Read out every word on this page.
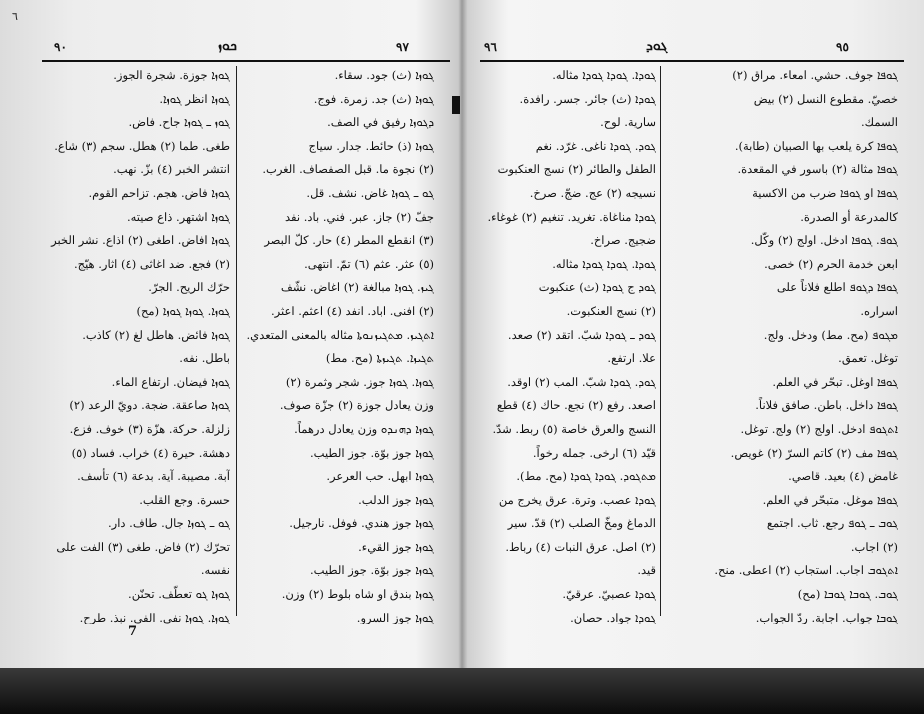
٦
٩٠	ܟܘܙ	٩٧
ܓܘܙܐ (ث) جود. سقاء.
ܓܘܙܐ (ث) جد. زمرة. فوج.
ܕܓܘܙܐ رفيق في الصف.
ܓܘܙܐ (ذ) حائط. جدار. سياج
(٢) نجوة ما. قبل الصفصاف. الغرب.
ܓܘ ـ ܓܘܙܐ غاض. نشف. قل.
جفّ (٢) جاز. عبر. فني. باد. نفد
(٣) انقطع المطر (٤) حار. كلّ البصر
(٥) عثر. عثم (٦) تمّ. انتهى.
ܓܝܙ. ܓܘܙܐ مبالغة (٢) اغاض. نشّف
(٢) افنى. اباد. انفد (٤) اعثم. اعثر.
ܐܬܓܝܙ. ܡܬܓܝܙܢܘܬܐ مثاله بالمعنى المتعدي.
ܬܓܝܙܐ. ܬܓܝܙܬܐ (مح. مط)
ܓܘܙܐ. ܓܘܙܐ جوز. شجر وثمرة (٢)
وزن يعادل جوزة (٢) جزّة صوف.
ܓܘܙܐ ܕܗܢܕܘ وزن يعادل درهماً.
ܓܘܙܐ جوز بوّة. جوز الطيب.
ܓܘܙܐ ابهل. حب العرعر.
ܓܘܙܐ جوز الدلب.
ܓܘܙܐ جوز هندي. فوفل. نارجيل.
ܓܘܙܐ جوز القيء.
ܓܘܙܐ جوز بوّة. جوز الطيب.
ܓܘܙܐ بندق او شاه بلوط (٢) وزن.
ܓܘܙܐ جوز السرو.
ܓܘܙܐ جوزة. شجرة الجوز.
ܓܘܙܐ انظر ܓܘܙܐ.
ܓܘܙ ـ ܓܘܙܐ جاح. فاض.
طغى. طما (٢) هطل. سجم (٣) شاع.
انتشر الخبر (٤) بزّ. نهب.
ܓܘܙܐ فاض. هجم. تزاحم القوم.
ܓܘܙܐ اشتهر. ذاع صيته.
ܓܘܙܐ افاض. اطغى (٢) اذاع. نشر الخبر
(٢) فجع. ضد اغاثى (٤) اثار. هيّج.
حرّك الريح. الجرّ.
ܓܘܙܐ. ܓܘܙܐ ܓܘܙܐ (مح)
ܓܘܙܐ فائض. هاطل لغ (٢) كاذب.
باطل. نفه.
ܓܘܙܐ فيضان. ارتفاع الماء.
ܓܘܙܐ صاعقة. ضجة. دويّ الرعد (٢)
زلزلة. حركة. هزّة (٣) خوف. فزع.
دهشة. حيرة (٤) خراب. فساد (٥)
آبة. مصيبة. آية. بدعة (٦) تأسف.
حسرة. وجع القلب.
ܓܘ ـ ܓܘܙܐ جال. طاف. دار.
تحرّك (٢) فاض. طغى (٣) الفت على
نفسه.
ܓܘܙܐ ܓܘ تعطّف. تحنّن.
ܓܘܙܐ. ܓܘܙܐ نفى. الفى. نبذ. طرح.
7
٩٦	ܓܘܕ	٩٥
ܓܘܦܐ جوف. حشي. امعاء. مراق (٢)
خصيّ. مقطوع النسل (٢) بيض
السمك.
ܓܘܦܐ كرة يلعب بها الصبيان (طابة).
ܓܘܦܐ مثالة (٢) باسور في المقعدة.
ܓܘܦܐ او ܓܘܦܐ ضرب من الاكسية
كالمدرعة أو الصدرة.
ܓܘܦ. ܓܘܦܐ ادخل. اولج (٢) وكّل.
ابعن خدمة الحرم (٢) خصى.
ܓܘܦܐ ܕܓܘܦ اطلع فلاناً على
اسراره.
ܡܓܘܦ (مح. مط) ودخل. ولج.
توغل. تعمق.
ܓܘܦܐ اوغل. تبحّر في العلم.
ܓܘܦܐ داخل. باطن. صافق فلاناً.
ܐܬܓܘܦ ادخل. اولج (٢) ولج. توغل.
ܓܘܦܐ مف (٢) كاتم السرّ (٢) غويص.
غامض (٤) بعيد. قاصي.
ܓܘܦܐ موغل. متبحّر في العلم.
ܓܘܒ ـ ܓܘܦ رجع. ثاب. اجتمع
(٢) اجاب.
ܐܬܓܘܒ اجاب. استجاب (٢) اعطى. منح.
ܓܘܒ. ܓܘܒܐ ܓܘܒܐ (مح)
ܓܘܒܐ جواب. اجابة. ردّ الجواب.
ܓܘܕܐ. ܓܘܕܐ ܓܘܕܐ مثاله.
ܓܘܕܐ (ث) جائر. جسر. رافدة.
سارية. لوح.
ܓܘܕ. ܓܘܕܐ ناغى. غرّد. نغم
الطفل والطائر (٢) نسج العنكبوت
نسيجه (٢) عج. ضجّ. صرخ.
ܓܘܕܐ مناغاة. تغريد. تنغيم (٢) غوغاء.
ضجيج. صراخ.
ܓܘܕܐ. ܓܘܕܐ ܓܘܕܐ مثاله.
ܓܘܕ ج ܓܘܕܐ (ث) عنكبوت
(٢) نسج العنكبوت.
ܓܘܕ ـ ܓܘܕܐ شبّ. اتقد (٢) صعد.
علا. ارتفع.
ܓܘܕ. ܓܘܕܐ شبّ. المب (٢) اوقد.
اصعد. رفع (٢) نجع. حاك (٤) قطع
النسج والعرق خاصة (٥) ربط. شدّ.
قيّد (٦) ارخى. جمله رخواً.
ܡܬܓܘܕ. ܓܘܕܐ ܓܘܕܐ (مح. مط).
ܓܘܕܐ عصب. وترة. عرق يخرج من
الدماغ ومخّ الصلب (٢) قدّ. سير
(٢) اصل. عرق النبات (٤) رباط.
قيد.
ܓܘܕܐ عصبيّ. عرقيّ.
ܓܘܕܐ جواد. حصان.
